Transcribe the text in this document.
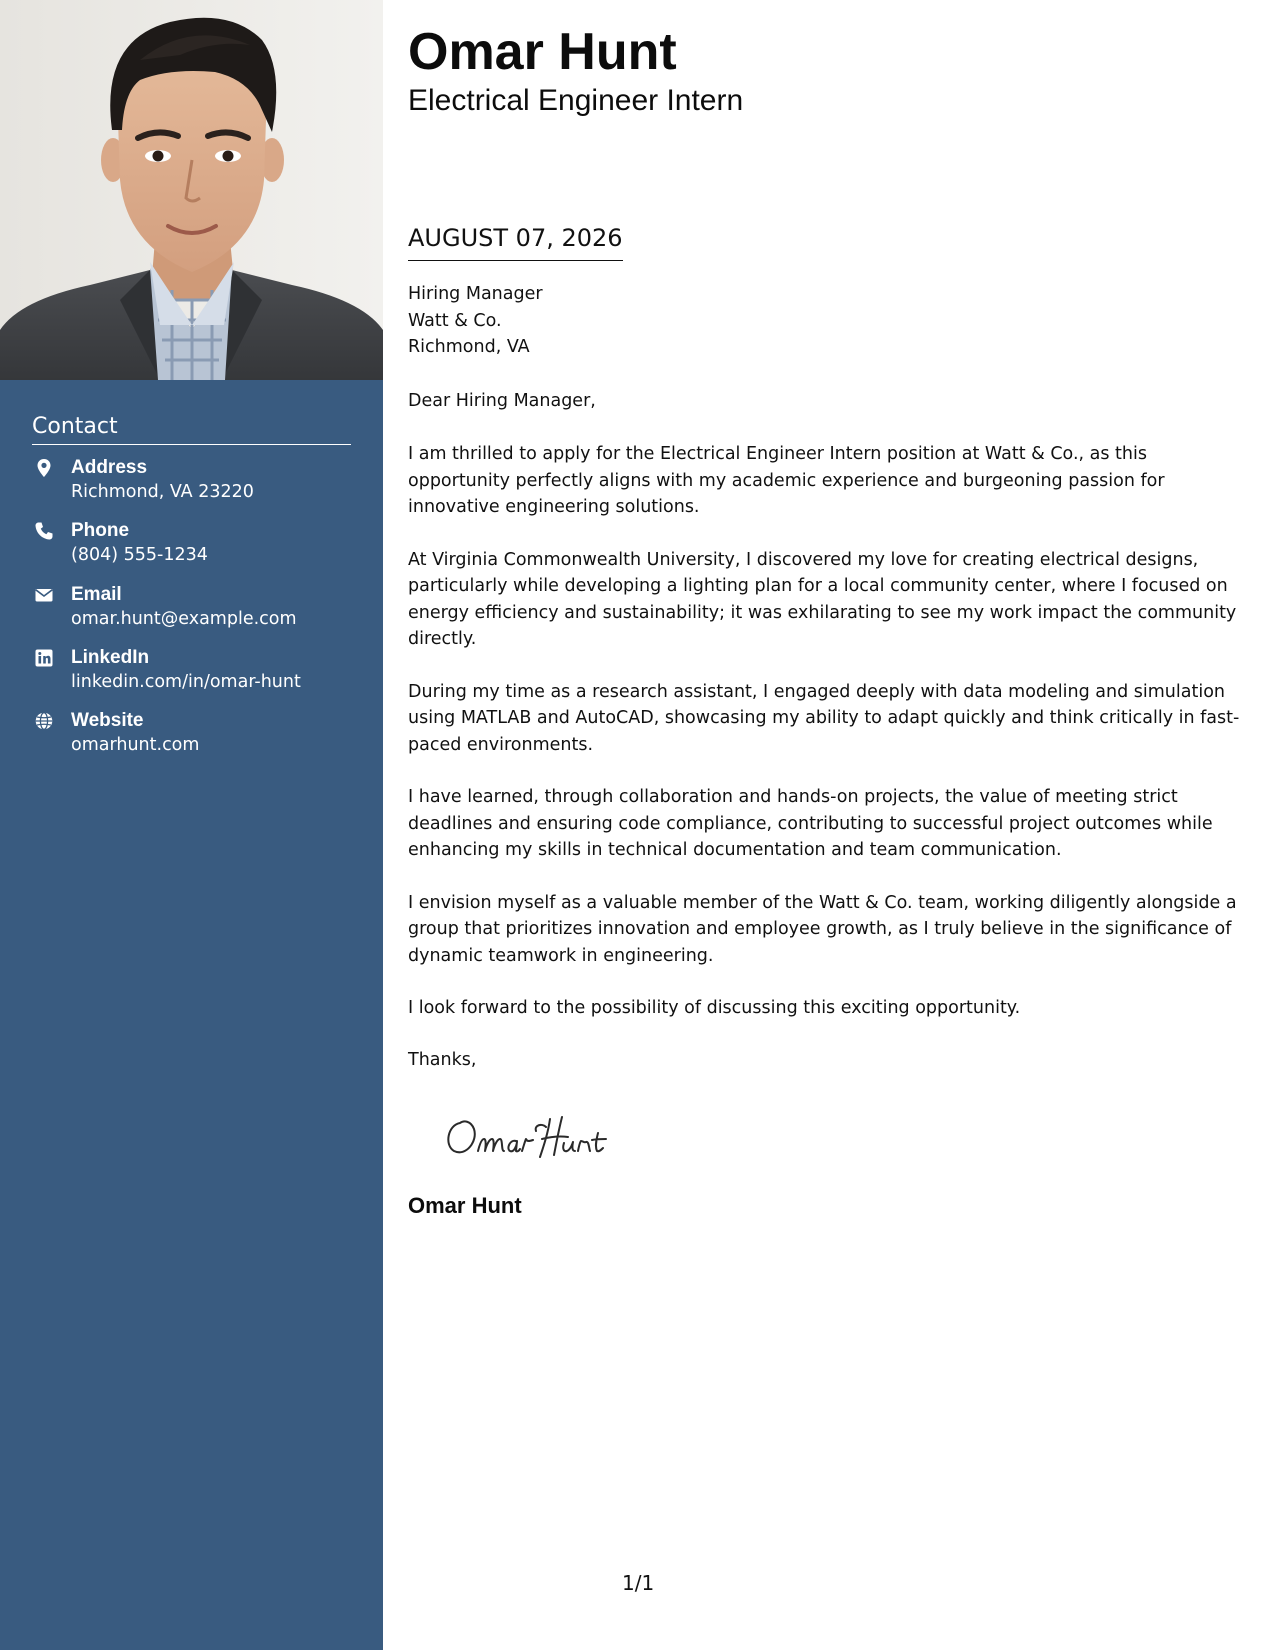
Contact
Address
Richmond, VA 23220
Phone
(804) 555-1234
Email
omar.hunt@example.com
LinkedIn
linkedin.com/in/omar-hunt
Website
omarhunt.com
Omar Hunt
Electrical Engineer Intern
AUGUST 07, 2026
Hiring Manager
Watt & Co.
Richmond, VA
Dear Hiring Manager,

I am thrilled to apply for the Electrical Engineer Intern position at Watt & Co., as this opportunity perfectly aligns with my academic experience and burgeoning passion for innovative engineering solutions.

At Virginia Commonwealth University, I discovered my love for creating electrical designs, particularly while developing a lighting plan for a local community center, where I focused on energy efficiency and sustainability; it was exhilarating to see my work impact the community directly.

During my time as a research assistant, I engaged deeply with data modeling and simulation using MATLAB and AutoCAD, showcasing my ability to adapt quickly and think critically in fast-paced environments.

I have learned, through collaboration and hands-on projects, the value of meeting strict deadlines and ensuring code compliance, contributing to successful project outcomes while enhancing my skills in technical documentation and team communication.

I envision myself as a valuable member of the Watt & Co. team, working diligently alongside a group that prioritizes innovation and employee growth, as I truly believe in the significance of dynamic teamwork in engineering.

I look forward to the possibility of discussing this exciting opportunity.

Thanks,
Omar Hunt
1/1
